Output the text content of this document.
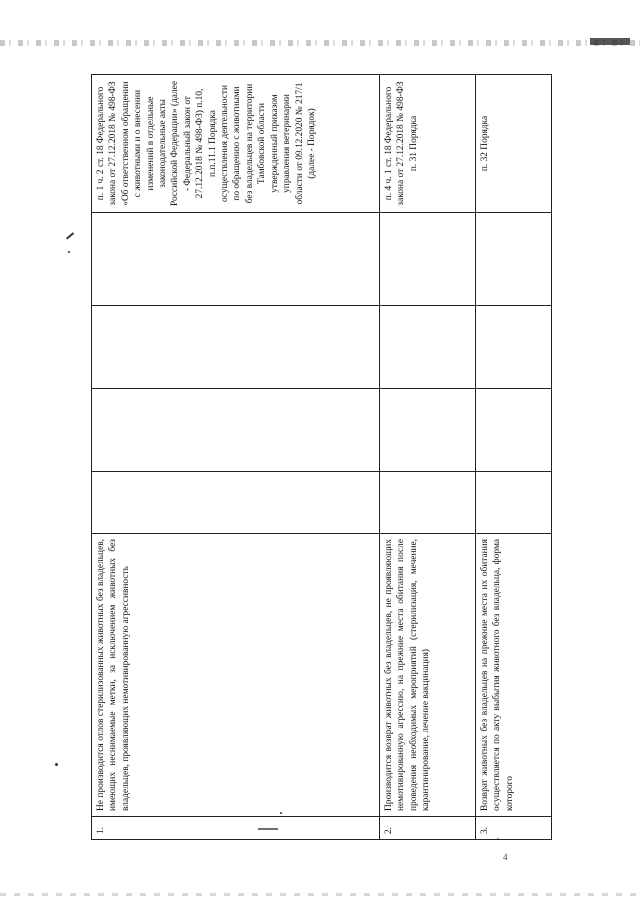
1.	Не производится отлов стерилизованных животных без владельцев, имеющих неснимаемые метки, за исключением животных без владельцев, проявляющих немотивированную агрессивность					п. 1 ч. 2 ст. 18 Федерального закона от 27.12.2018 № 498-ФЗ «Об ответственном обращении с животными и о внесении изменений в отдельные законодательные акты Российской Федерации» (далее - Федеральный закон от 27.12.2018 № 498-ФЗ) п.10, п.п.11.1 Порядка осуществления деятельности по обращению с животными без владельцев на территории Тамбовской области утвержденный приказом управления ветеринарии области от 09.12.2020 № 217/1 (далее - Порядок)
2.	Производится возврат животных без владельцев, не проявляющих немотивированную агрессию, на прежние места обитания после проведения необходимых мероприятий (стерилизация, мечение, карантинирование, лечение вакцинация)					п. 4 ч. 1 ст. 18 Федерального закона от 27.12.2018 № 498-ФЗ п. 31 Порядка
3.	Возврат животных без владельцев на прежние места их обитания осуществляется по акту выбытия животного без владельца, форма которого					п. 32 Порядка
4
